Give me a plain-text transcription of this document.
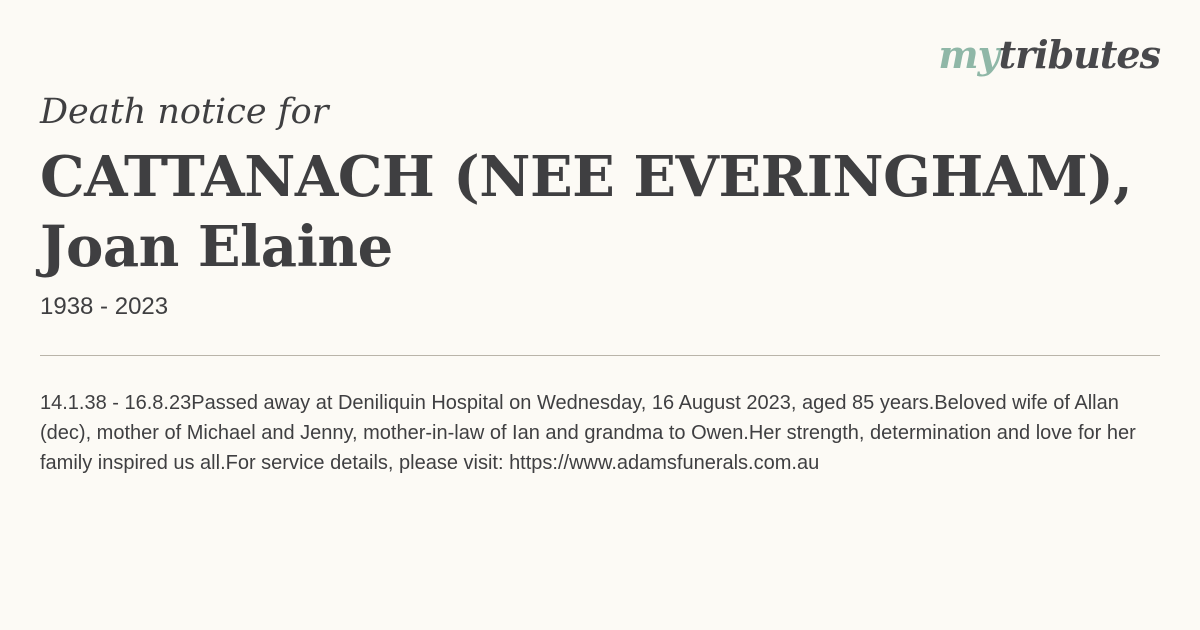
mytributes
Death notice for
CATTANACH (NEE EVERINGHAM), Joan Elaine
1938 - 2023

14.1.38 - 16.8.23Passed away at Deniliquin Hospital on Wednesday, 16 August 2023, aged 85 years.Beloved wife of Allan (dec), mother of Michael and Jenny, mother-in-law of Ian and grandma to Owen.Her strength, determination and love for her family inspired us all.For service details, please visit: https://www.adamsfunerals.com.au
